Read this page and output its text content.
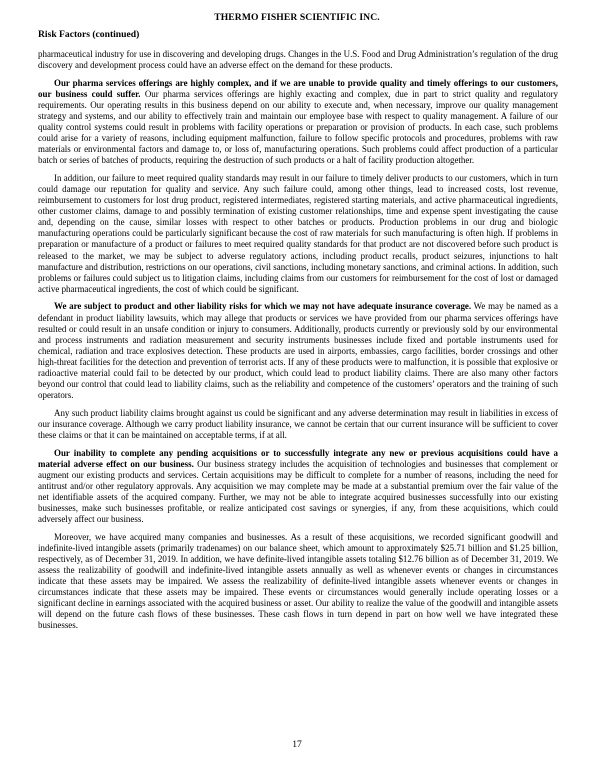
THERMO FISHER SCIENTIFIC INC.
Risk Factors (continued)

pharmaceutical industry for use in discovering and developing drugs. Changes in the U.S. Food and Drug Administration’s regulation of the drug discovery and development process could have an adverse effect on the demand for these products.

Our pharma services offerings are highly complex, and if we are unable to provide quality and timely offerings to our customers, our business could suffer. Our pharma services offerings are highly exacting and complex, due in part to strict quality and regulatory requirements. Our operating results in this business depend on our ability to execute and, when necessary, improve our quality management strategy and systems, and our ability to effectively train and maintain our employee base with respect to quality management. A failure of our quality control systems could result in problems with facility operations or preparation or provision of products. In each case, such problems could arise for a variety of reasons, including equipment malfunction, failure to follow specific protocols and procedures, problems with raw materials or environmental factors and damage to, or loss of, manufacturing operations. Such problems could affect production of a particular batch or series of batches of products, requiring the destruction of such products or a halt of facility production altogether.

In addition, our failure to meet required quality standards may result in our failure to timely deliver products to our customers, which in turn could damage our reputation for quality and service. Any such failure could, among other things, lead to increased costs, lost revenue, reimbursement to customers for lost drug product, registered intermediates, registered starting materials, and active pharmaceutical ingredients, other customer claims, damage to and possibly termination of existing customer relationships, time and expense spent investigating the cause and, depending on the cause, similar losses with respect to other batches or products. Production problems in our drug and biologic manufacturing operations could be particularly significant because the cost of raw materials for such manufacturing is often high. If problems in preparation or manufacture of a product or failures to meet required quality standards for that product are not discovered before such product is released to the market, we may be subject to adverse regulatory actions, including product recalls, product seizures, injunctions to halt manufacture and distribution, restrictions on our operations, civil sanctions, including monetary sanctions, and criminal actions. In addition, such problems or failures could subject us to litigation claims, including claims from our customers for reimbursement for the cost of lost or damaged active pharmaceutical ingredients, the cost of which could be significant.

We are subject to product and other liability risks for which we may not have adequate insurance coverage. We may be named as a defendant in product liability lawsuits, which may allege that products or services we have provided from our pharma services offerings have resulted or could result in an unsafe condition or injury to consumers. Additionally, products currently or previously sold by our environmental and process instruments and radiation measurement and security instruments businesses include fixed and portable instruments used for chemical, radiation and trace explosives detection. These products are used in airports, embassies, cargo facilities, border crossings and other high-threat facilities for the detection and prevention of terrorist acts. If any of these products were to malfunction, it is possible that explosive or radioactive material could fail to be detected by our product, which could lead to product liability claims. There are also many other factors beyond our control that could lead to liability claims, such as the reliability and competence of the customers’ operators and the training of such operators.

Any such product liability claims brought against us could be significant and any adverse determination may result in liabilities in excess of our insurance coverage. Although we carry product liability insurance, we cannot be certain that our current insurance will be sufficient to cover these claims or that it can be maintained on acceptable terms, if at all.

Our inability to complete any pending acquisitions or to successfully integrate any new or previous acquisitions could have a material adverse effect on our business. Our business strategy includes the acquisition of technologies and businesses that complement or augment our existing products and services. Certain acquisitions may be difficult to complete for a number of reasons, including the need for antitrust and/or other regulatory approvals. Any acquisition we may complete may be made at a substantial premium over the fair value of the net identifiable assets of the acquired company. Further, we may not be able to integrate acquired businesses successfully into our existing businesses, make such businesses profitable, or realize anticipated cost savings or synergies, if any, from these acquisitions, which could adversely affect our business.

Moreover, we have acquired many companies and businesses. As a result of these acquisitions, we recorded significant goodwill and indefinite-lived intangible assets (primarily tradenames) on our balance sheet, which amount to approximately $25.71 billion and $1.25 billion, respectively, as of December 31, 2019. In addition, we have definite-lived intangible assets totaling $12.76 billion as of December 31, 2019. We assess the realizability of goodwill and indefinite-lived intangible assets annually as well as whenever events or changes in circumstances indicate that these assets may be impaired. We assess the realizability of definite-lived intangible assets whenever events or changes in circumstances indicate that these assets may be impaired. These events or circumstances would generally include operating losses or a significant decline in earnings associated with the acquired business or asset. Our ability to realize the value of the goodwill and intangible assets will depend on the future cash flows of these businesses. These cash flows in turn depend in part on how well we have integrated these businesses.

17
